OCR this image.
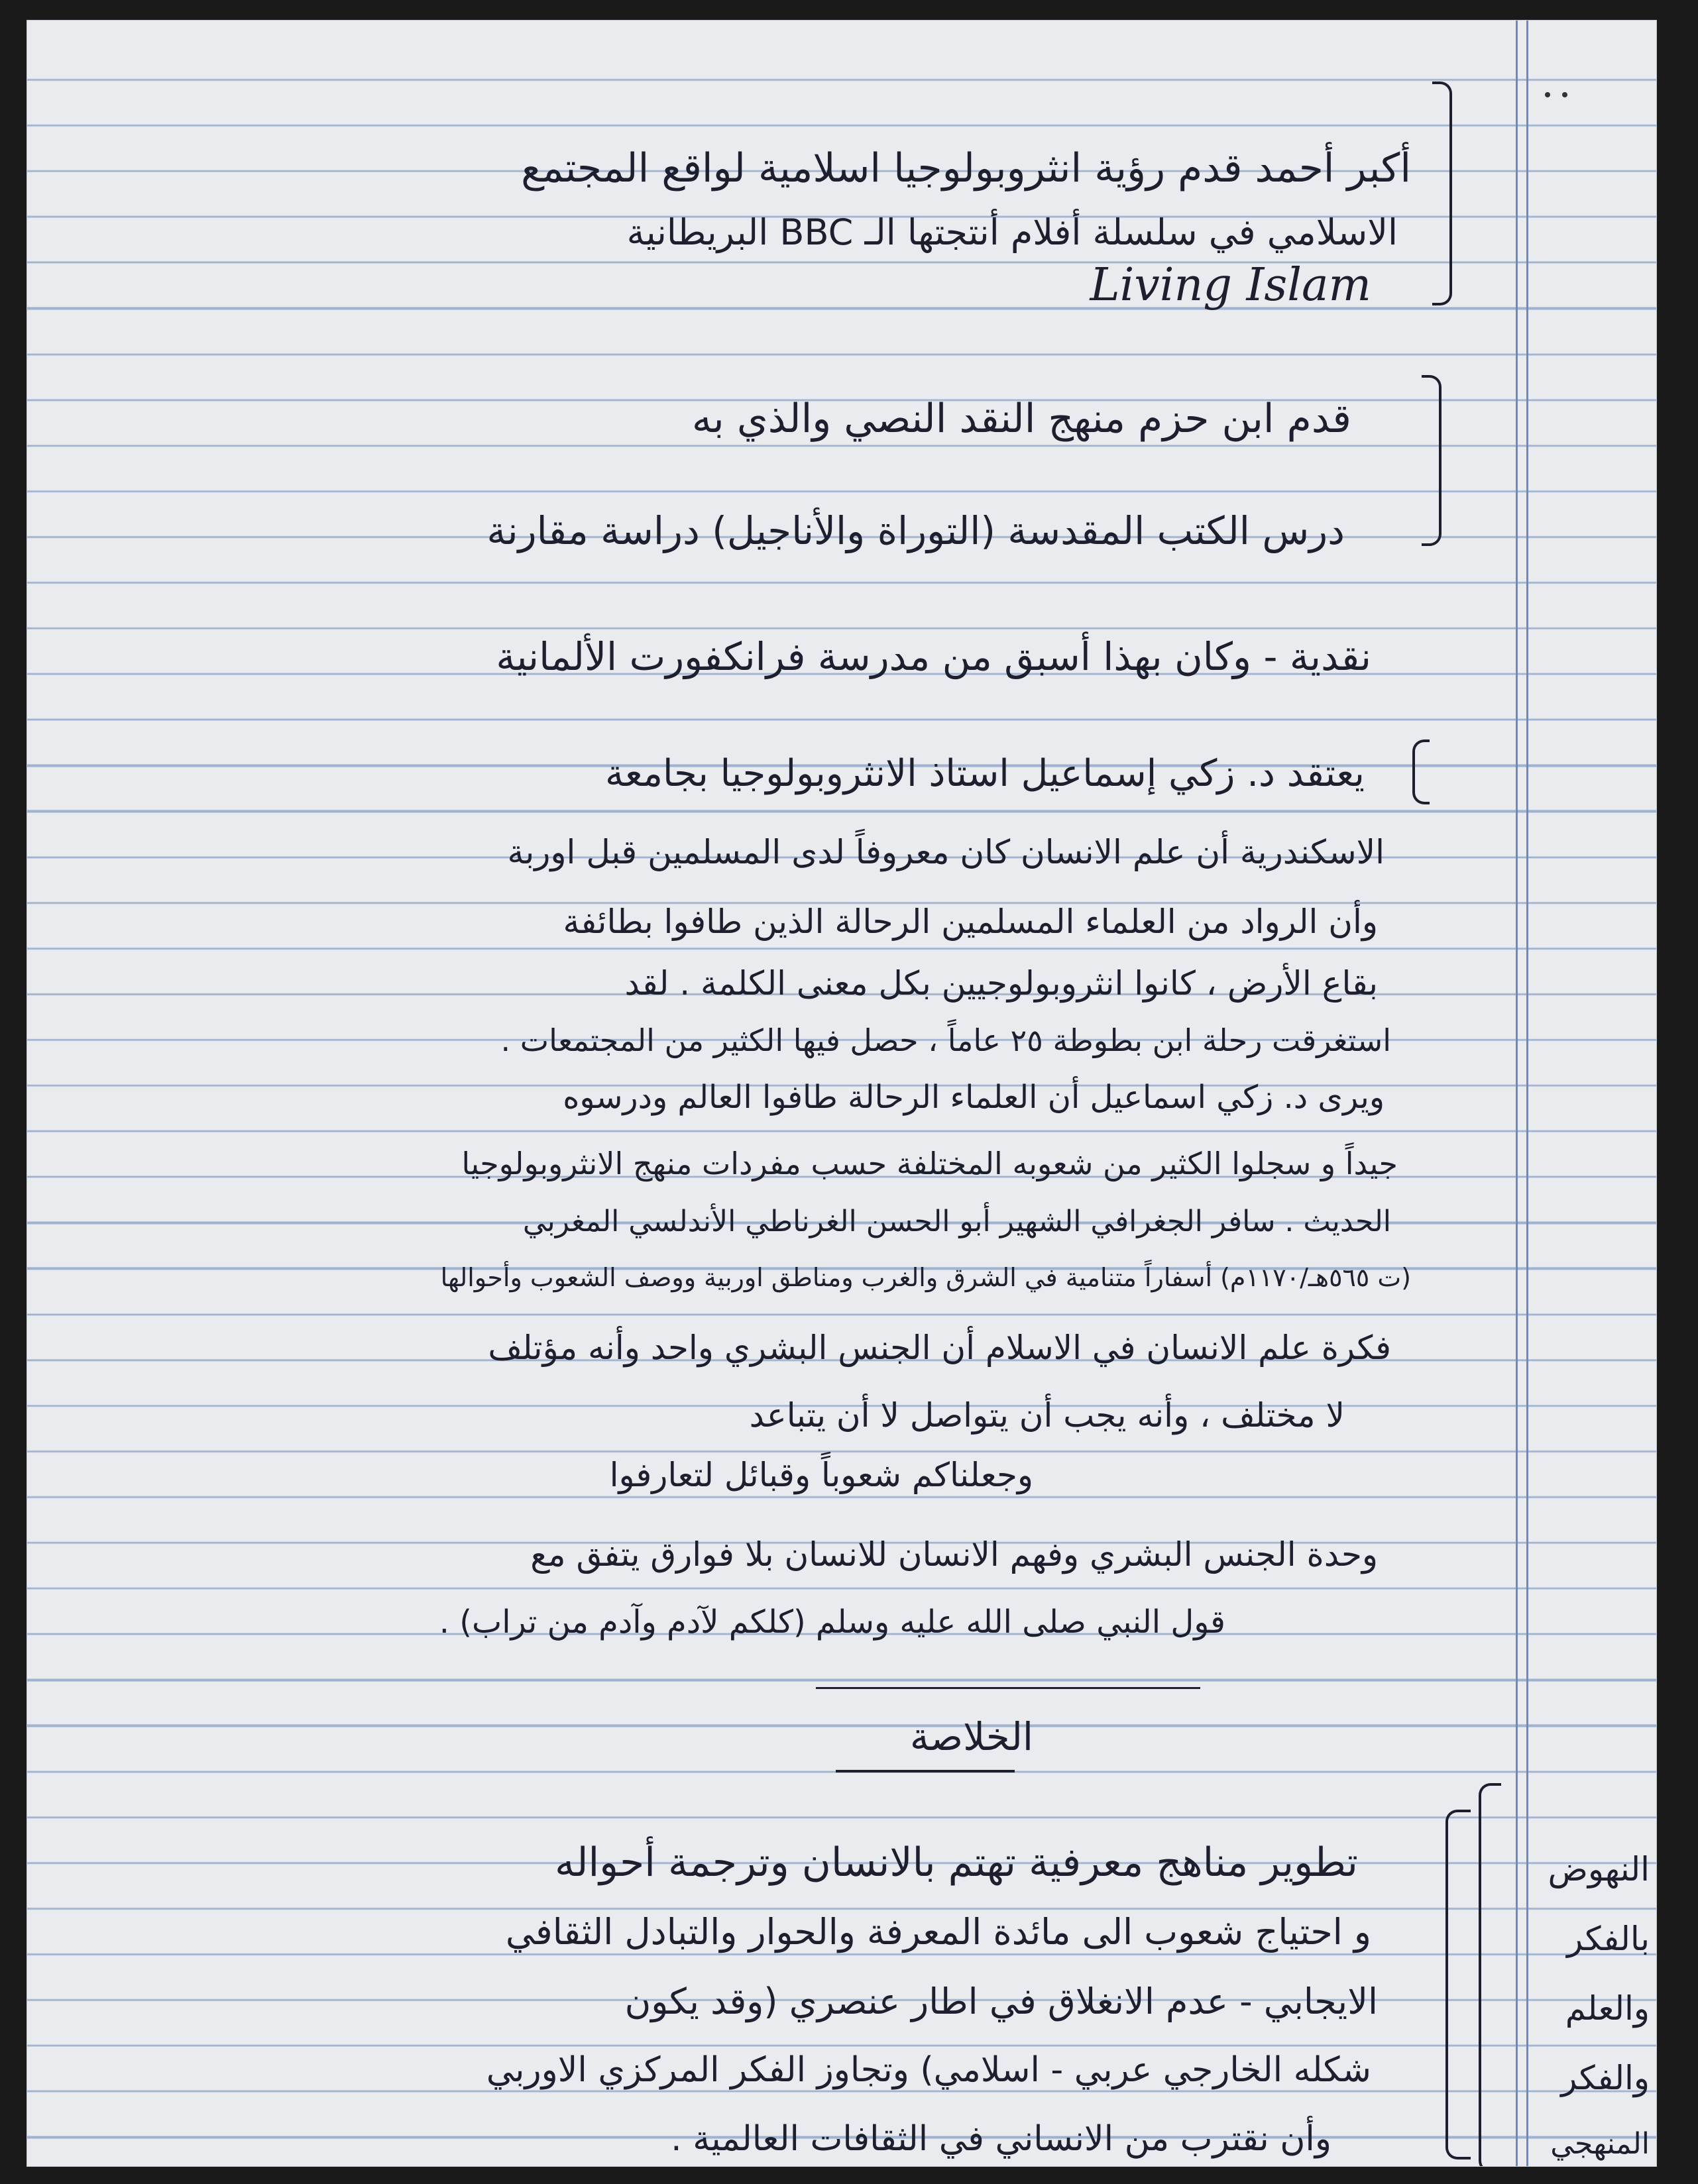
أكبر أحمد قدم رؤية انثروبولوجيا اسلامية لواقع المجتمع
الاسلامي في سلسلة أفلام أنتجتها الـ BBC البريطانية
Living Islam
قدم ابن حزم منهج النقد النصي والذي به
درس الكتب المقدسة (التوراة والأناجيل) دراسة مقارنة
نقدية - وكان بهذا أسبق من مدرسة فرانكفورت الألمانية
يعتقد د. زكي إسماعيل استاذ الانثروبولوجيا بجامعة
الاسكندرية أن علم الانسان كان معروفاً لدى المسلمين قبل اوربة
وأن الرواد من العلماء المسلمين الرحالة الذين طافوا بطائفة
بقاع الأرض ، كانوا انثروبولوجيين بكل معنى الكلمة . لقد
استغرقت رحلة ابن بطوطة ٢٥ عاماً ، حصل فيها الكثير من المجتمعات .
ويرى د. زكي اسماعيل أن العلماء الرحالة طافوا العالم ودرسوه
جيداً و سجلوا الكثير من شعوبه المختلفة حسب مفردات منهج الانثروبولوجيا
الحديث . سافر الجغرافي الشهير أبو الحسن الغرناطي الأندلسي المغربي
(ت ٥٦٥هـ/١١٧٠م) أسفاراً متنامية في الشرق والغرب ومناطق اوربية ووصف الشعوب وأحوالها
فكرة علم الانسان في الاسلام أن الجنس البشري واحد وأنه مؤتلف
لا مختلف ، وأنه يجب أن يتواصل لا أن يتباعد
وجعلناكم شعوباً وقبائل لتعارفوا
وحدة الجنس البشري وفهم الانسان للانسان بلا فوارق يتفق مع
قول النبي صلى الله عليه وسلم (كلكم لآدم وآدم من تراب) .
الخلاصة
تطوير مناهج معرفية تهتم بالانسان وترجمة أحواله
و احتياج شعوب الى مائدة المعرفة والحوار والتبادل الثقافي
الايجابي - عدم الانغلاق في اطار عنصري (وقد يكون
شكله الخارجي عربي - اسلامي) وتجاوز الفكر المركزي الاوربي
وأن نقترب من الانساني في الثقافات العالمية .
النهوض
بالفكر
والعلم
والفكر
المنهجي
